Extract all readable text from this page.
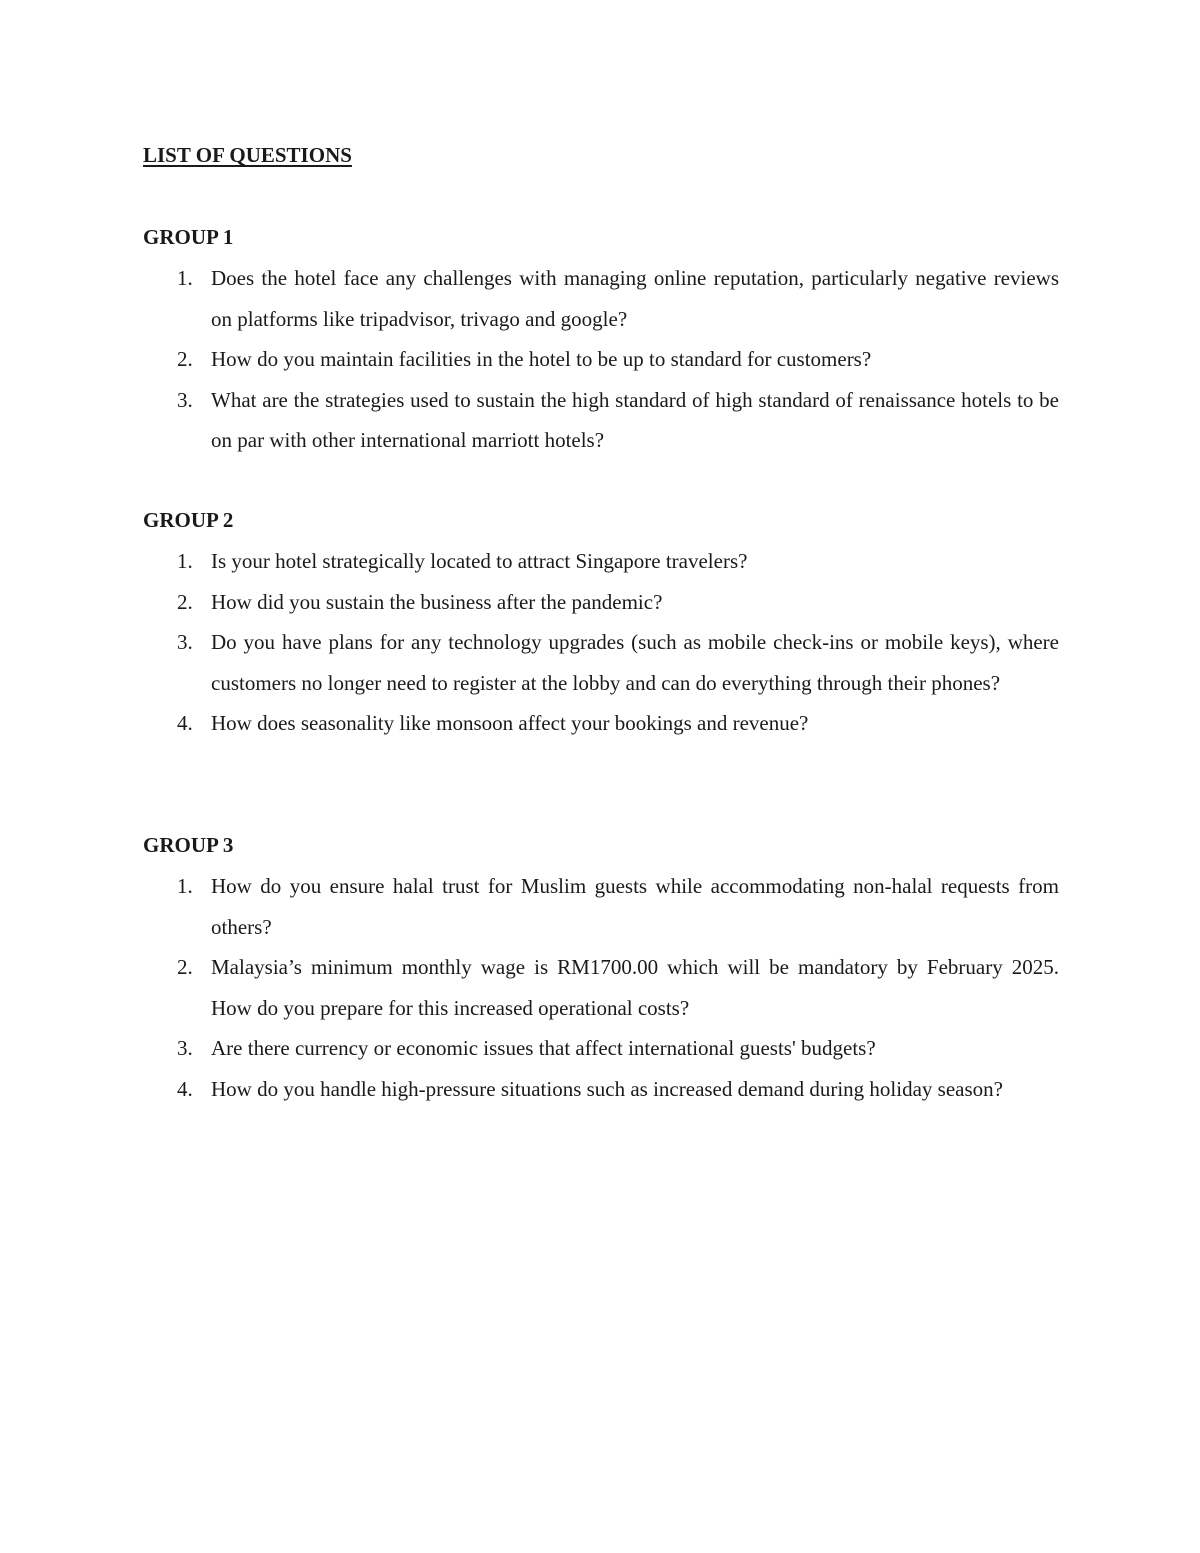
LIST OF QUESTIONS
GROUP 1
1. Does the hotel face any challenges with managing online reputation, particularly negative reviews on platforms like tripadvisor, trivago and google?
2. How do you maintain facilities in the hotel to be up to standard for customers?
3. What are the strategies used to sustain the high standard of high standard of renaissance hotels to be on par with other international marriott hotels?
GROUP 2
1. Is your hotel strategically located to attract Singapore travelers?
2. How did you sustain the business after the pandemic?
3. Do you have plans for any technology upgrades (such as mobile check-ins or mobile keys), where customers no longer need to register at the lobby and can do everything through their phones?
4. How does seasonality like monsoon affect your bookings and revenue?
GROUP 3
1. How do you ensure halal trust for Muslim guests while accommodating non-halal requests from others?
2. Malaysia’s minimum monthly wage is RM1700.00 which will be mandatory by February 2025. How do you prepare for this increased operational costs?
3. Are there currency or economic issues that affect international guests' budgets?
4. How do you handle high-pressure situations such as increased demand during holiday season?
